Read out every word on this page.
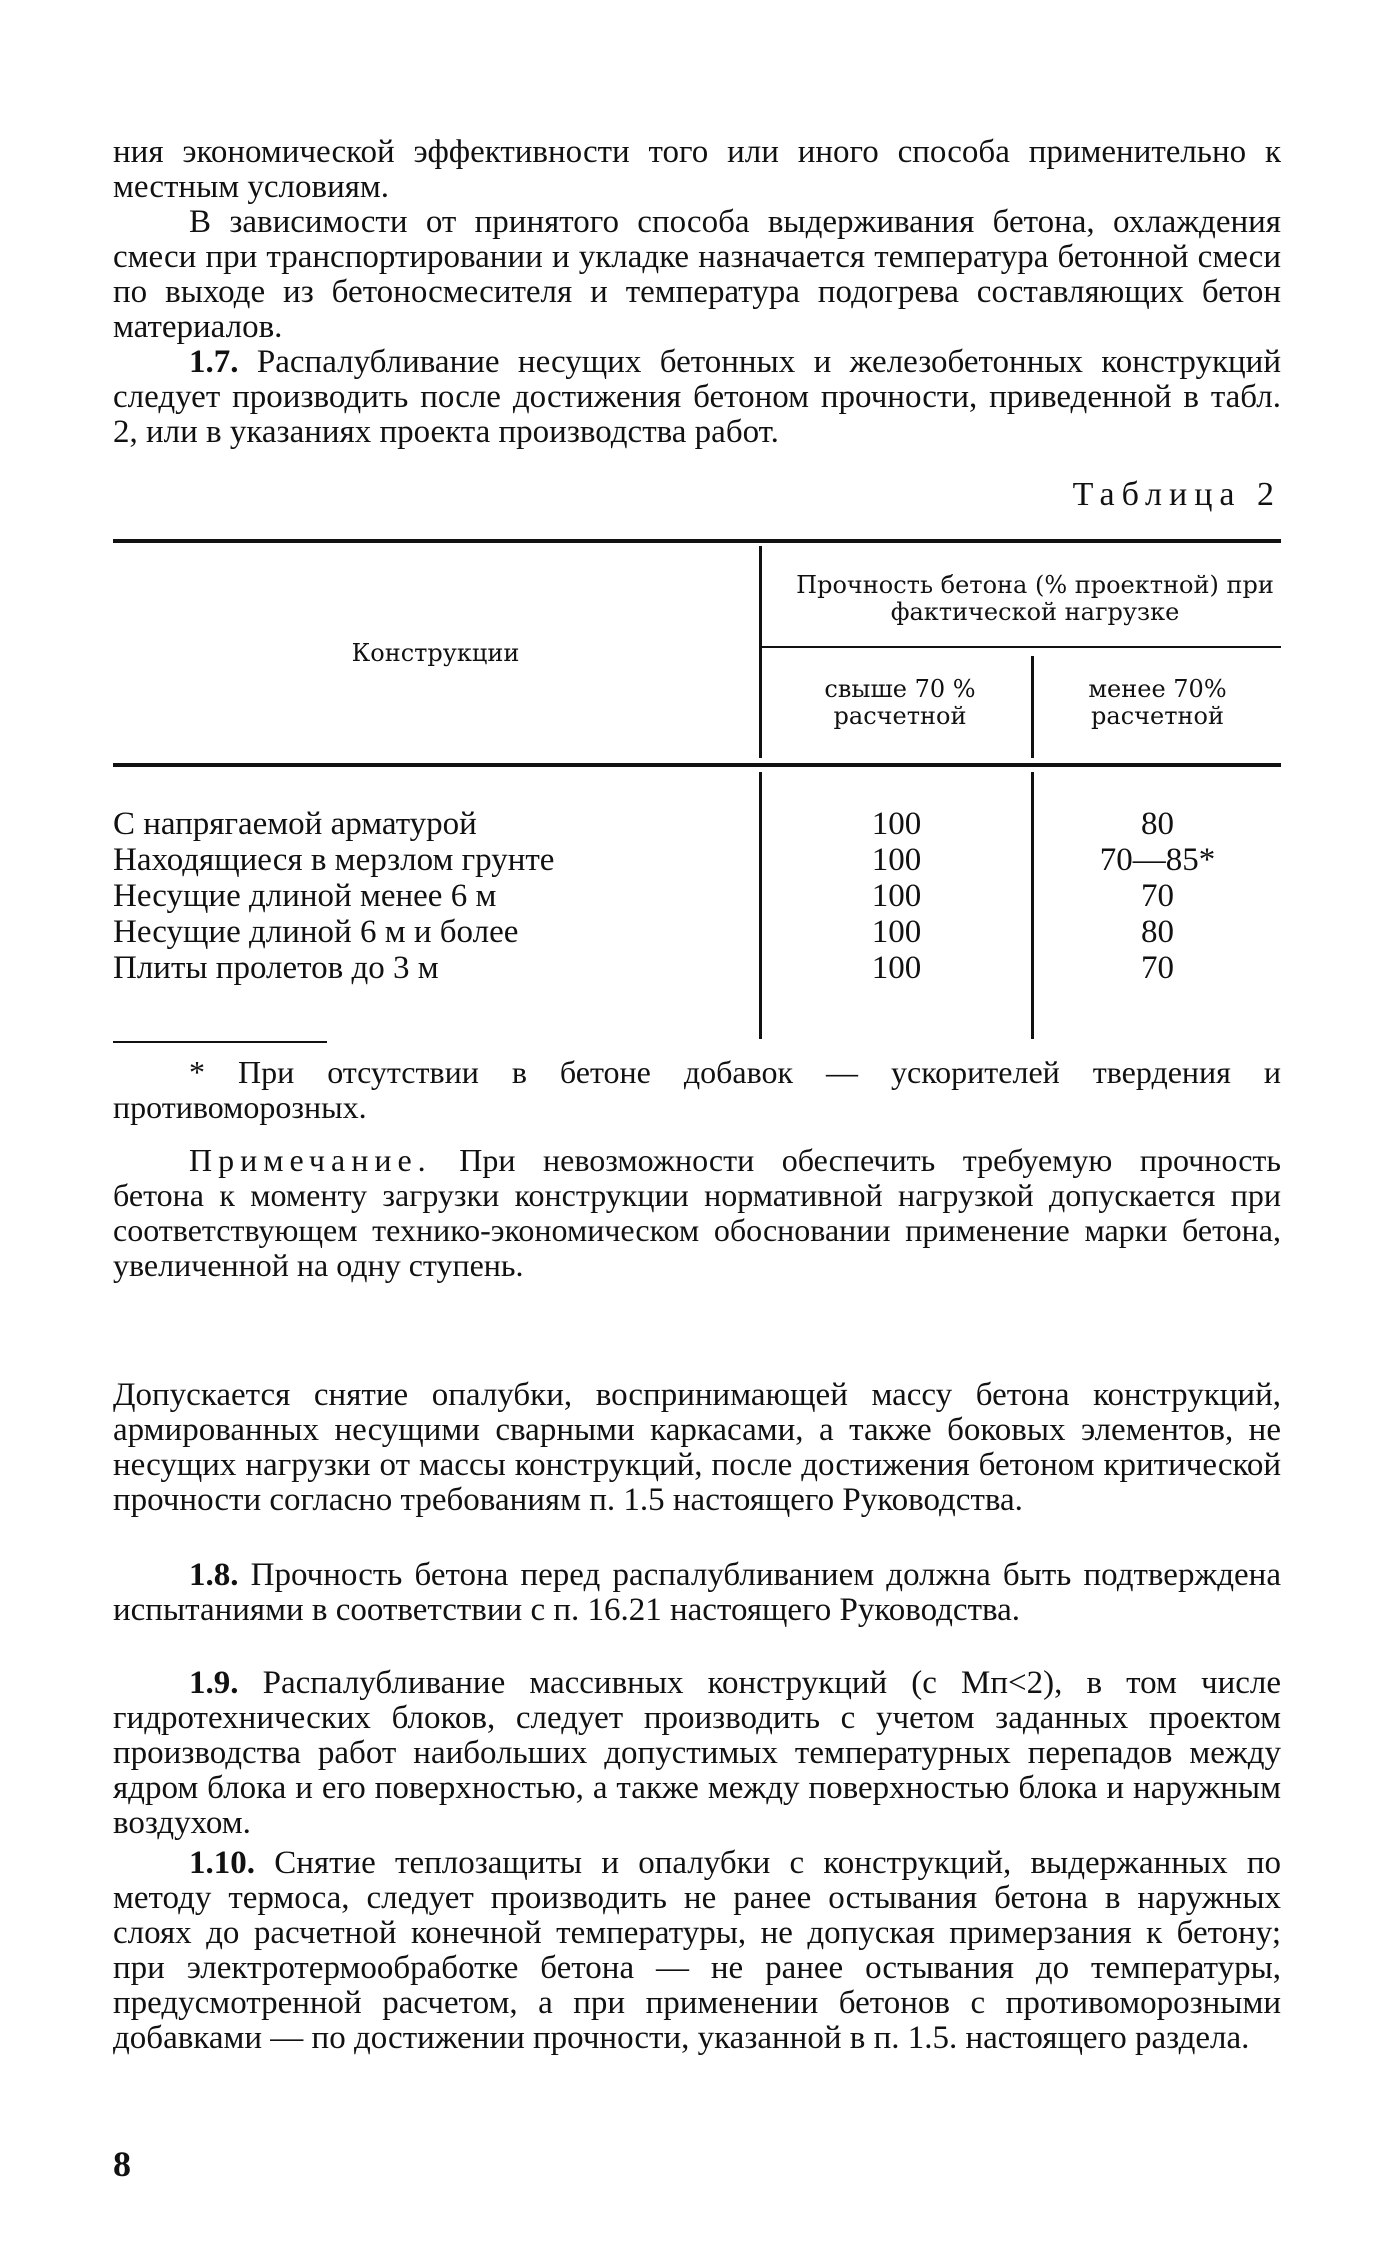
ния экономической эффективности того или иного способа применительно к местным условиям.

В зависимости от принятого способа выдерживания бетона, охлаждения смеси при транспортировании и укладке назначается температура бетонной смеси по выходе из бетоносмесителя и температура подогрева составляющих бетон материалов.

1.7. Распалубливание несущих бетонных и железобетонных конструкций следует производить после достижения бетоном прочности, приведенной в табл. 2, или в указаниях проекта производства работ.

Таблица 2

Конструкции
Прочность бетона (% проектной) при фактической нагрузке
свыше 70 % расчетной
менее 70% расчетной
С напрягаемой арматурой	100	80
Находящиеся в мерзлом грунте	100	70—85*
Несущие длиной менее 6 м	100	70
Несущие длиной 6 м и более	100	80
Плиты пролетов до 3 м	100	70

* При отсутствии в бетоне добавок — ускорителей твердения и противоморозных.

Примечание. При невозможности обеспечить требуемую прочность бетона к моменту загрузки конструкции нормативной нагрузкой допускается при соответствующем технико-экономическом обосновании применение марки бетона, увеличенной на одну ступень.

Допускается снятие опалубки, воспринимающей массу бетона конструкций, армированных несущими сварными каркасами, а также боковых элементов, не несущих нагрузки от массы конструкций, после достижения бетоном критической прочности согласно требованиям п. 1.5 настоящего Руководства.

1.8. Прочность бетона перед распалубливанием должна быть подтверждена испытаниями в соответствии с п. 16.21 настоящего Руководства.

1.9. Распалубливание массивных конструкций (с Мп<2), в том числе гидротехнических блоков, следует производить с учетом заданных проектом производства работ наибольших допустимых температурных перепадов между ядром блока и его поверхностью, а также между поверхностью блока и наружным воздухом.

1.10. Снятие теплозащиты и опалубки с конструкций, выдержанных по методу термоса, следует производить не ранее остывания бетона в наружных слоях до расчетной конечной температуры, не допуская примерзания к бетону; при электротермообработке бетона — не ранее остывания до температуры, предусмотренной расчетом, а при применении бетонов с противоморозными добавками — по достижении прочности, указанной в п. 1.5. настоящего раздела.

8
